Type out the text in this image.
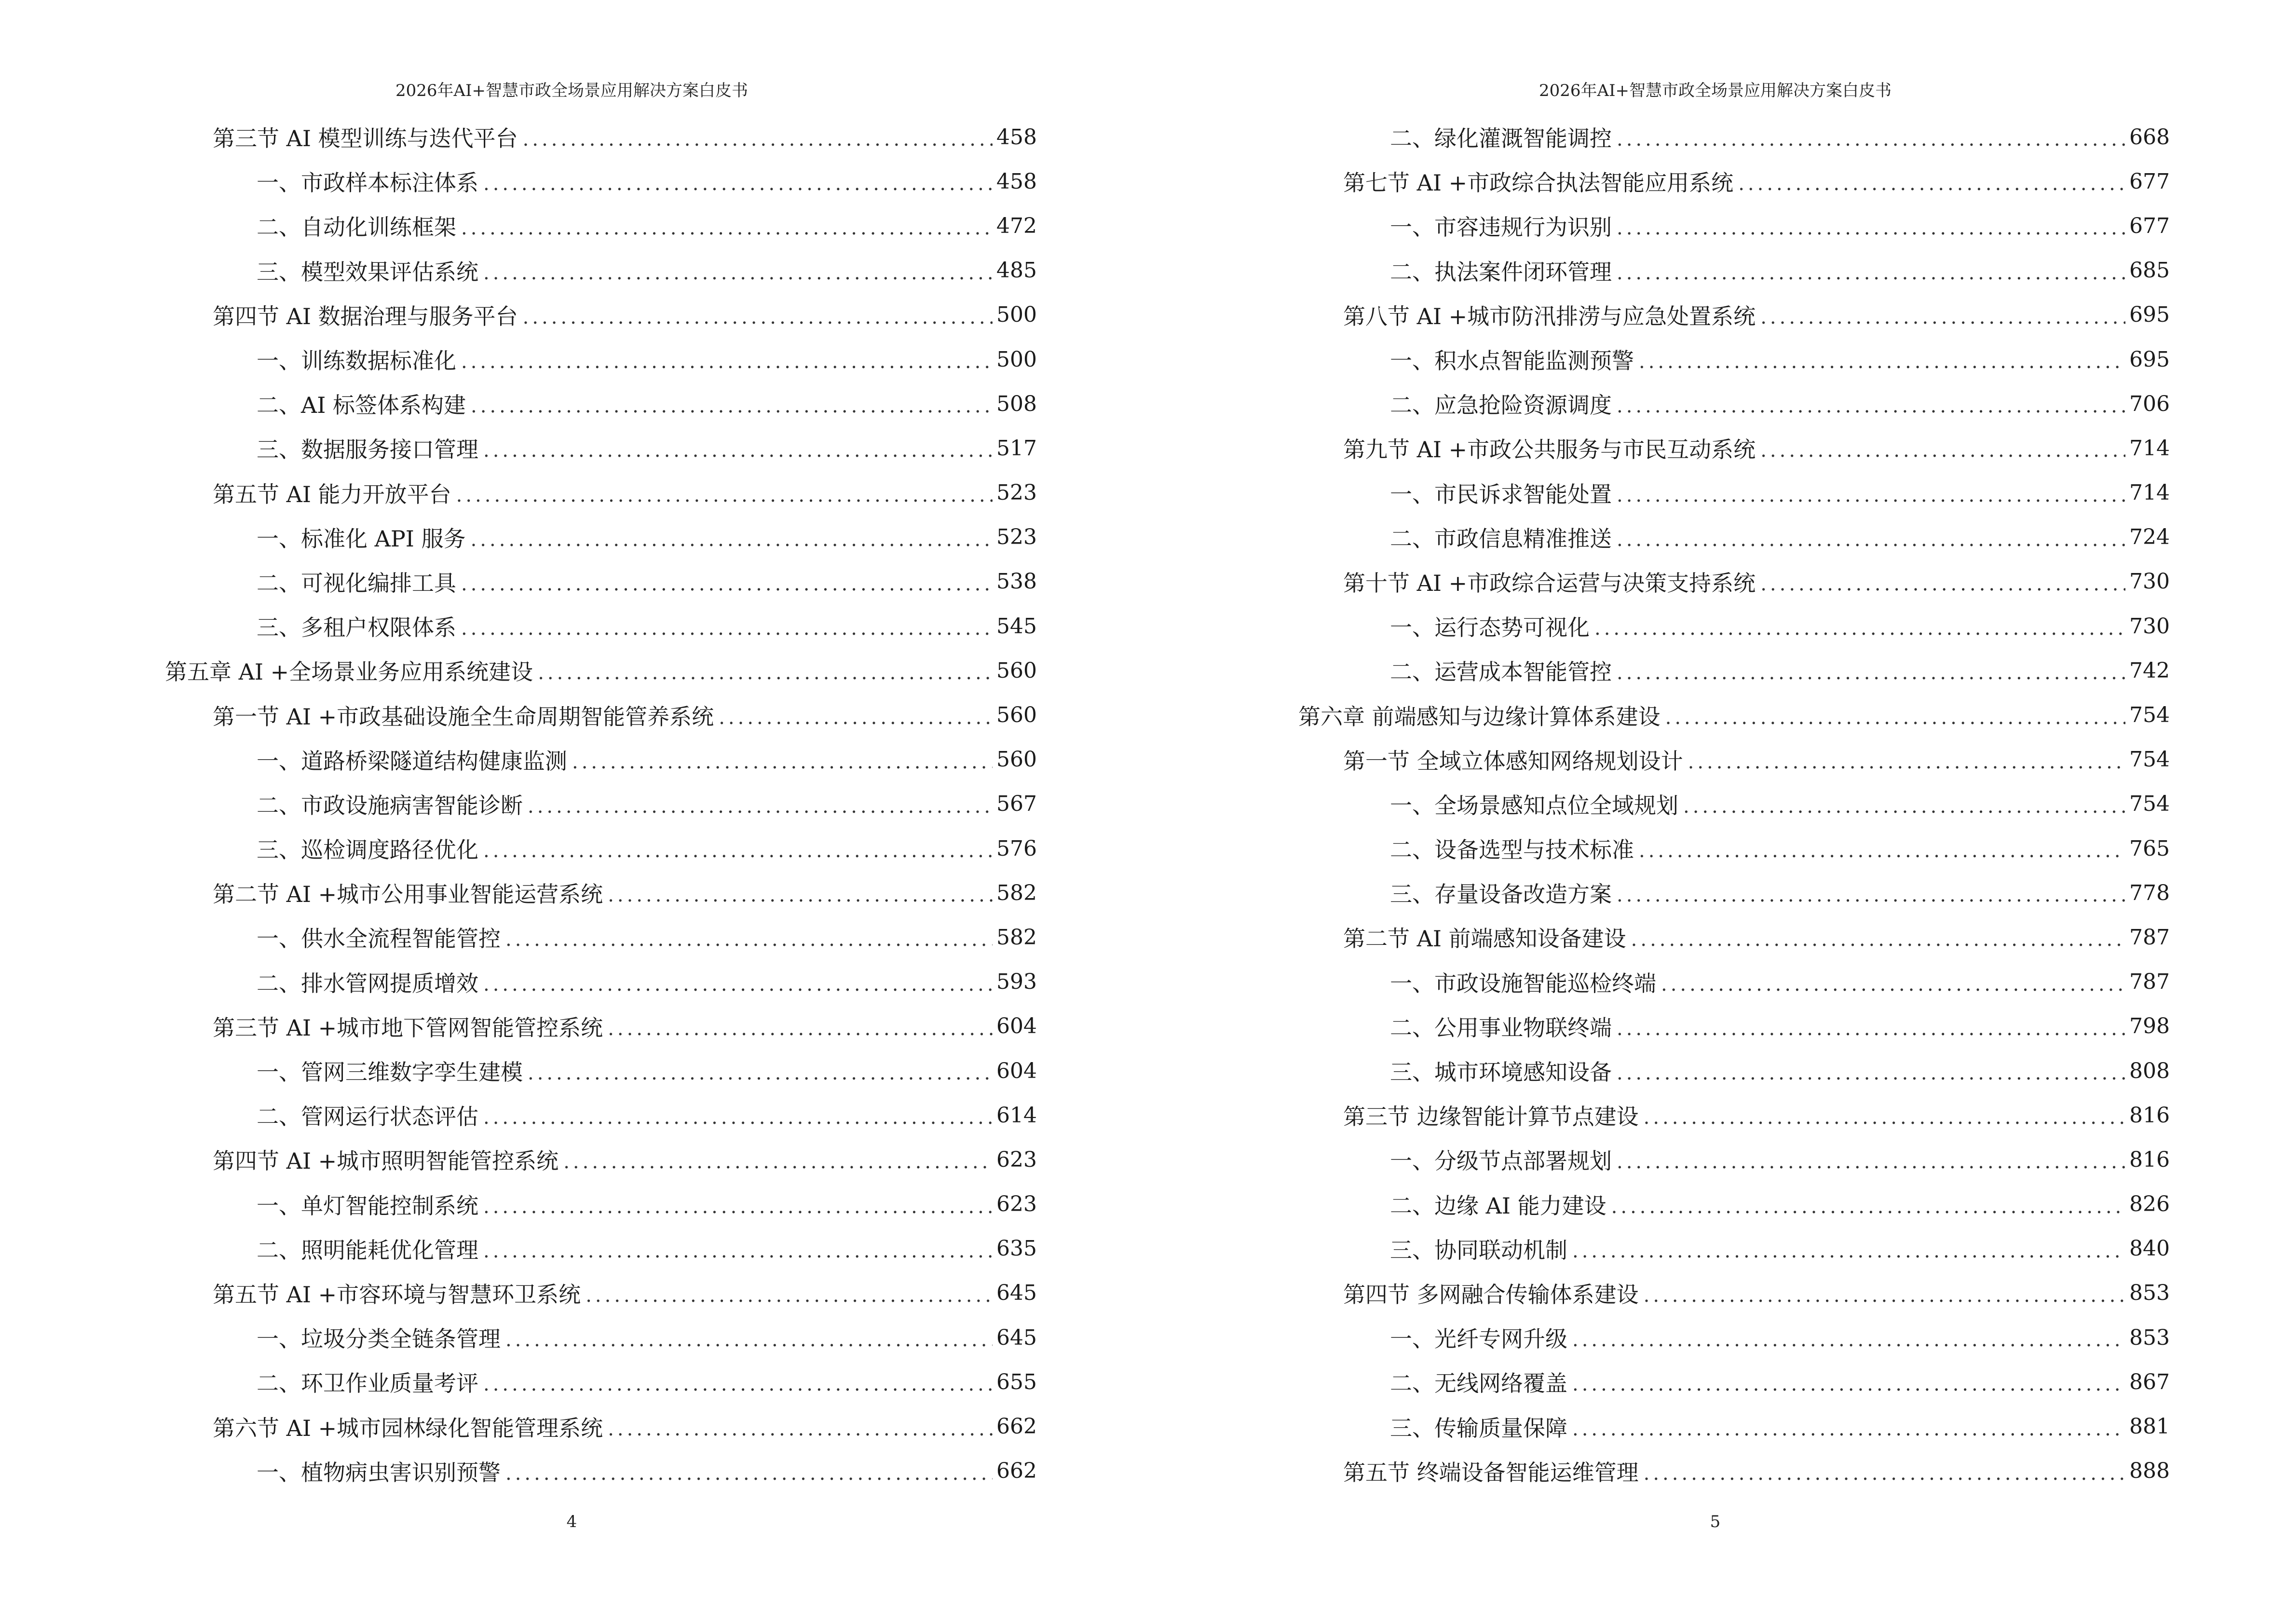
2026年AI+智慧市政全场景应用解决方案白皮书
第三节 AI 模型训练与迭代平台 .....	458
一、市政样本标注体系 .....	458
二、自动化训练框架 .....	472
三、模型效果评估系统 .....	485
第四节 AI 数据治理与服务平台 .....	500
一、训练数据标准化 .....	500
二、AI 标签体系构建 .....	508
三、数据服务接口管理 .....	517
第五节 AI 能力开放平台 .....	523
一、标准化 API 服务 .....	523
二、可视化编排工具 .....	538
三、多租户权限体系 .....	545
第五章 AI +全场景业务应用系统建设 .....	560
第一节 AI +市政基础设施全生命周期智能管养系统 .....	560
一、道路桥梁隧道结构健康监测 .....	560
二、市政设施病害智能诊断 .....	567
三、巡检调度路径优化 .....	576
第二节 AI +城市公用事业智能运营系统 .....	582
一、供水全流程智能管控 .....	582
二、排水管网提质增效 .....	593
第三节 AI +城市地下管网智能管控系统 .....	604
一、管网三维数字孪生建模 .....	604
二、管网运行状态评估 .....	614
第四节 AI +城市照明智能管控系统 .....	623
一、单灯智能控制系统 .....	623
二、照明能耗优化管理 .....	635
第五节 AI +市容环境与智慧环卫系统 .....	645
一、垃圾分类全链条管理 .....	645
二、环卫作业质量考评 .....	655
第六节 AI +城市园林绿化智能管理系统 .....	662
一、植物病虫害识别预警 .....	662
4
2026年AI+智慧市政全场景应用解决方案白皮书
二、绿化灌溉智能调控 .....	668
第七节 AI +市政综合执法智能应用系统 .....	677
一、市容违规行为识别 .....	677
二、执法案件闭环管理 .....	685
第八节 AI +城市防汛排涝与应急处置系统 .....	695
一、积水点智能监测预警 .....	695
二、应急抢险资源调度 .....	706
第九节 AI +市政公共服务与市民互动系统 .....	714
一、市民诉求智能处置 .....	714
二、市政信息精准推送 .....	724
第十节 AI +市政综合运营与决策支持系统 .....	730
一、运行态势可视化 .....	730
二、运营成本智能管控 .....	742
第六章 前端感知与边缘计算体系建设 .....	754
第一节 全域立体感知网络规划设计 .....	754
一、全场景感知点位全域规划 .....	754
二、设备选型与技术标准 .....	765
三、存量设备改造方案 .....	778
第二节 AI 前端感知设备建设 .....	787
一、市政设施智能巡检终端 .....	787
二、公用事业物联终端 .....	798
三、城市环境感知设备 .....	808
第三节 边缘智能计算节点建设 .....	816
一、分级节点部署规划 .....	816
二、边缘 AI 能力建设 .....	826
三、协同联动机制 .....	840
第四节 多网融合传输体系建设 .....	853
一、光纤专网升级 .....	853
二、无线网络覆盖 .....	867
三、传输质量保障 .....	881
第五节 终端设备智能运维管理 .....	888
5
